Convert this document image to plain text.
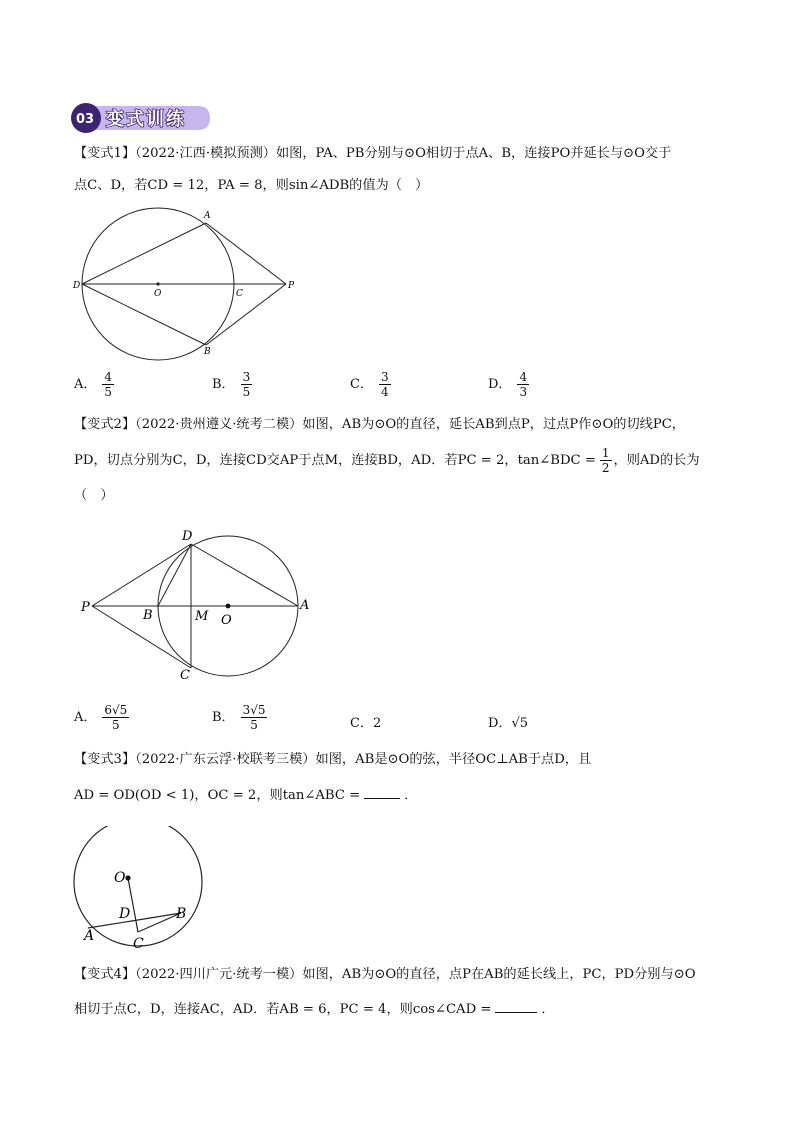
03 变式训练
【变式1】（2022·江西·模拟预测）如图，PA、PB分别与⊙O相切于点A、B，连接PO并延长与⊙O交于
点C、D，若CD = 12，PA = 8，则sin∠ADB的值为（　）
A
B
C
D
O
P
A． $\frac{4}{5}$	B． $\frac{3}{5}$	C． $\frac{3}{4}$	D． $\frac{4}{3}$
【变式2】（2022·贵州遵义·统考二模）如图，AB为⊙O的直径，延长AB到点P，过点P作⊙O的切线PC，
PD，切点分别为C，D，连接CD交AP于点M，连接BD，AD．若PC = 2，tan∠BDC = $\frac{1}{2}$ ，则AD的长为
（　）
P
B	M O
A
D
C
A． $\frac{6√5}{5}$	B． $\frac{3√5}{5}$	C．2	D．√5
【变式3】（2022·广东云浮·校联考三模）如图，AB是⊙O的弦，半径OC⊥AB于点D，且
AD = OD(OD < 1)，OC = 2，则tan∠ABC =	．
O
D	B
A	C
【变式4】（2022·四川广元·统考一模）如图，AB为⊙O的直径，点P在AB的延长线上，PC，PD分别与⊙O
相切于点C，D，连接AC，AD．若AB = 6，PC = 4，则cos∠CAD =	．
